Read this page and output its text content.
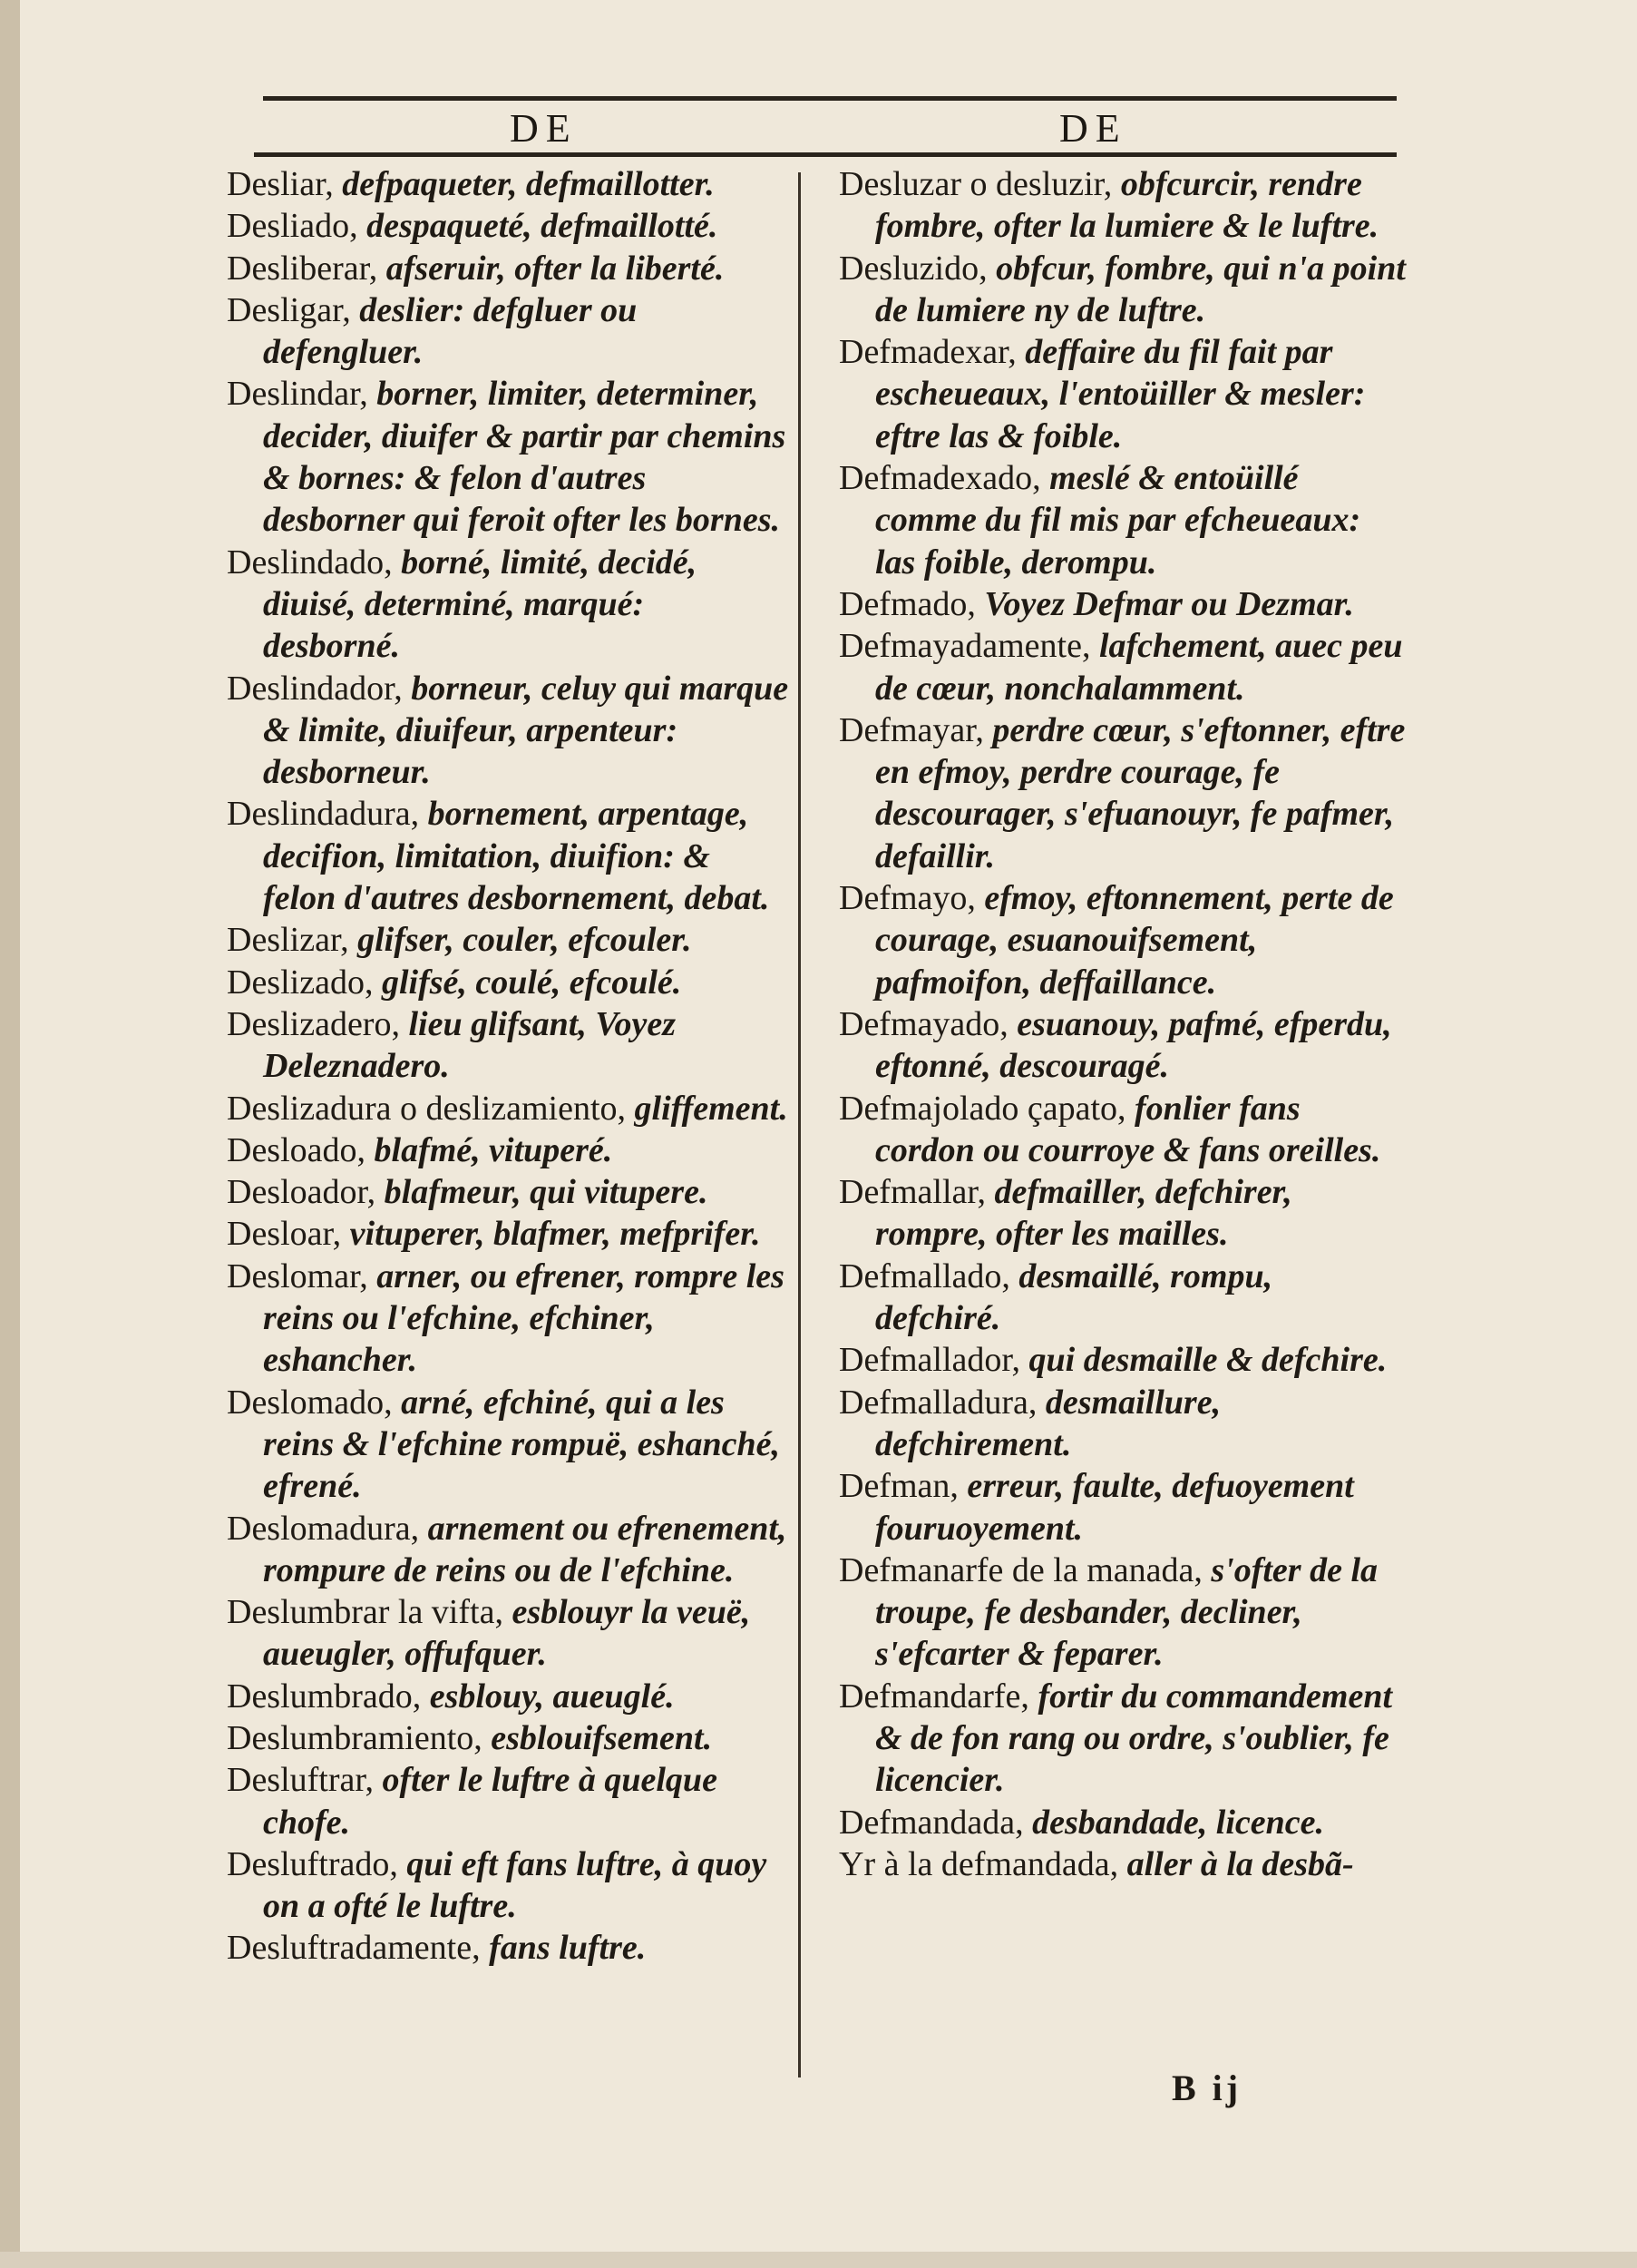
DE	DE

Desliar, defpaqueter, defmaillotter.

Desliado, despaqueté, defmaillotté.

Desliberar, afseruir, ofter la liberté.

Desligar, deslier: defgluer ou defengluer.

Deslindar, borner, limiter, determiner, decider, diuifer & partir par chemins & bornes: & felon d'autres desborner qui feroit ofter les bornes.

Deslindado, borné, limité, decidé, diuisé, determiné, marqué: desborné.

Deslindador, borneur, celuy qui marque & limite, diuifeur, arpenteur: desborneur.

Deslindadura, bornement, arpentage, decifion, limitation, diuifion: & felon d'autres desbornement, debat.

Deslizar, glifser, couler, efcouler.

Deslizado, glifsé, coulé, efcoulé.

Deslizadero, lieu glifsant, Voyez Deleznadero.

Deslizadura o deslizamiento, gliffement.

Desloado, blafmé, vituperé.

Desloador, blafmeur, qui vitupere.

Desloar, vituperer, blafmer, mefprifer.

Deslomar, arner, ou efrener, rompre les reins ou l'efchine, efchiner, eshancher.

Deslomado, arné, efchiné, qui a les reins & l'efchine rompuë, eshanché, efrené.

Deslomadura, arnement ou efrenement, rompure de reins ou de l'efchine.

Deslumbrar la vifta, esblouyr la veuë, aueugler, offufquer.

Deslumbrado, esblouy, aueuglé.

Deslumbramiento, esblouifsement.

Desluftrar, ofter le luftre à quelque chofe.

Desluftrado, qui eft fans luftre, à quoy on a ofté le luftre.

Desluftradamente, fans luftre.

Desluzar o desluzir, obfcurcir, rendre fombre, ofter la lumiere & le luftre.

Desluzido, obfcur, fombre, qui n'a point de lumiere ny de luftre.

Defmadexar, deffaire du fil fait par escheueaux, l'entoüiller & mesler: eftre las & foible.

Defmadexado, meslé & entoüillé comme du fil mis par efcheueaux: las foible, derompu.

Defmado, Voyez Defmar ou Dezmar.

Defmayadamente, lafchement, auec peu de cœur, nonchalamment.

Defmayar, perdre cœur, s'eftonner, eftre en efmoy, perdre courage, fe descourager, s'efuanouyr, fe pafmer, defaillir.

Defmayo, efmoy, eftonnement, perte de courage, esuanouifsement, pafmoifon, deffaillance.

Defmayado, esuanouy, pafmé, efperdu, eftonné, descouragé.

Defmajolado çapato, fonlier fans cordon ou courroye & fans oreilles.

Defmallar, defmailler, defchirer, rompre, ofter les mailles.

Defmallado, desmaillé, rompu, defchiré.

Defmallador, qui desmaille & defchire.

Defmalladura, desmaillure, defchirement.

Defman, erreur, faulte, defuoyement fouruoyement.

Defmanarfe de la manada, s'ofter de la troupe, fe desbander, decliner, s'efcarter & feparer.

Defmandarfe, fortir du commandement & de fon rang ou ordre, s'oublier, fe licencier.

Defmandada, desbandade, licence.

Yr à la defmandada, aller à la desbã-

B ij
